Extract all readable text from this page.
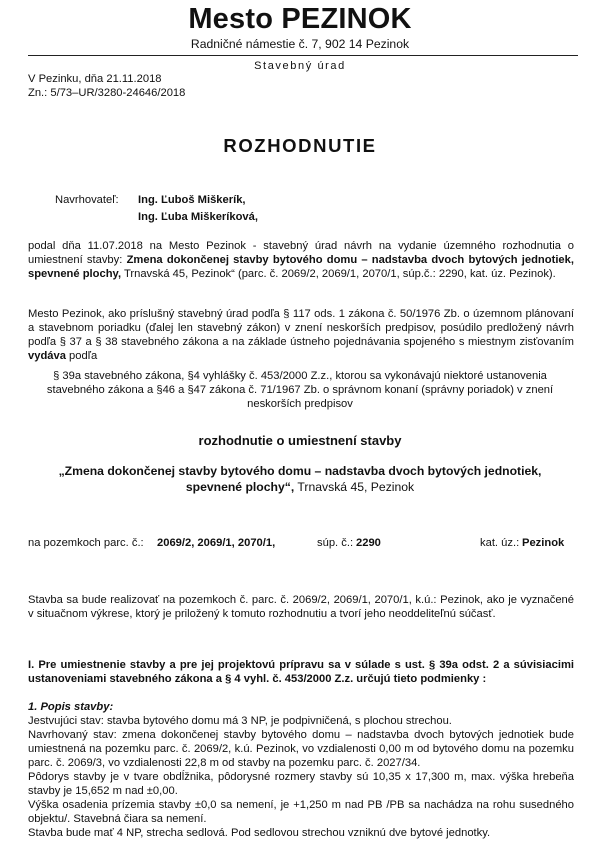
Mesto PEZINOK
Radničné námestie č. 7, 902 14 Pezinok
Stavebný úrad
V Pezinku, dňa 21.11.2018
Zn.: 5/73–UR/3280-24646/2018
ROZHODNUTIE
Navrhovateľ: Ing. Ľuboš Miškerík,
Ing. Ľuba Miškeríková,
podal dňa 11.07.2018 na Mesto Pezinok - stavebný úrad návrh na vydanie územného rozhodnutia o umiestnení stavby: Zmena dokončenej stavby bytového domu – nadstavba dvoch bytových jednotiek, spevnené plochy, Trnavská 45, Pezinok“ (parc. č. 2069/2, 2069/1, 2070/1, súp.č.: 2290, kat. úz. Pezinok).
Mesto Pezinok, ako príslušný stavebný úrad podľa § 117 ods. 1 zákona č. 50/1976 Zb. o územnom plánovaní a stavebnom poriadku (ďalej len stavebný zákon) v znení neskorších predpisov, posúdilo predložený návrh podľa § 37 a § 38 stavebného zákona a na základe ústneho pojednávania spojeného s miestnym zisťovaním vydáva podľa
§ 39a stavebného zákona, §4 vyhlášky č. 453/2000 Z.z., ktorou sa vykonávajú niektoré ustanovenia stavebného zákona a §46 a §47 zákona č. 71/1967 Zb. o správnom konaní (správny poriadok) v znení neskorších predpisov
rozhodnutie o umiestnení stavby
„Zmena dokončenej stavby bytového domu – nadstavba dvoch bytových jednotiek, spevnené plochy“, Trnavská 45, Pezinok
na pozemkoch parc. č.: 2069/2, 2069/1, 2070/1,	súp. č.: 2290	kat. úz.: Pezinok
Stavba sa bude realizovať na pozemkoch č. parc. č. 2069/2, 2069/1, 2070/1, k.ú.: Pezinok, ako je vyznačené v situačnom výkrese, ktorý je priložený k tomuto rozhodnutiu a tvorí jeho neoddeliteľnú súčasť.
I. Pre umiestnenie stavby a pre jej projektovú prípravu sa v súlade s ust. § 39a odst. 2 a súvisiacimi ustanoveniami stavebného zákona a § 4 vyhl. č. 453/2000 Z.z. určujú tieto podmienky :
1. Popis stavby:
Jestvujúci stav: stavba bytového domu má 3 NP, je podpivničená, s plochou strechou.
Navrhovaný stav: zmena dokončenej stavby bytového domu – nadstavba dvoch bytových jednotiek bude umiestnená na pozemku parc. č. 2069/2, k.ú. Pezinok, vo vzdialenosti 0,00 m od bytového domu na pozemku parc. č. 2069/3, vo vzdialenosti 22,8 m od stavby na pozemku parc. č. 2027/34.
Pôdorys stavby je v tvare obdĺžnika, pôdorysné rozmery stavby sú 10,35 x 17,300 m, max. výška hrebeňa stavby je 15,652 m nad ±0,00.
Výška osadenia prízemia stavby ±0,0 sa nemení, je +1,250 m nad PB /PB sa nachádza na rohu susedného objektu/. Stavebná čiara sa nemení.
Stavba bude mať 4 NP, strecha sedlová. Pod sedlovou strechou vzniknú dve bytové jednotky.
